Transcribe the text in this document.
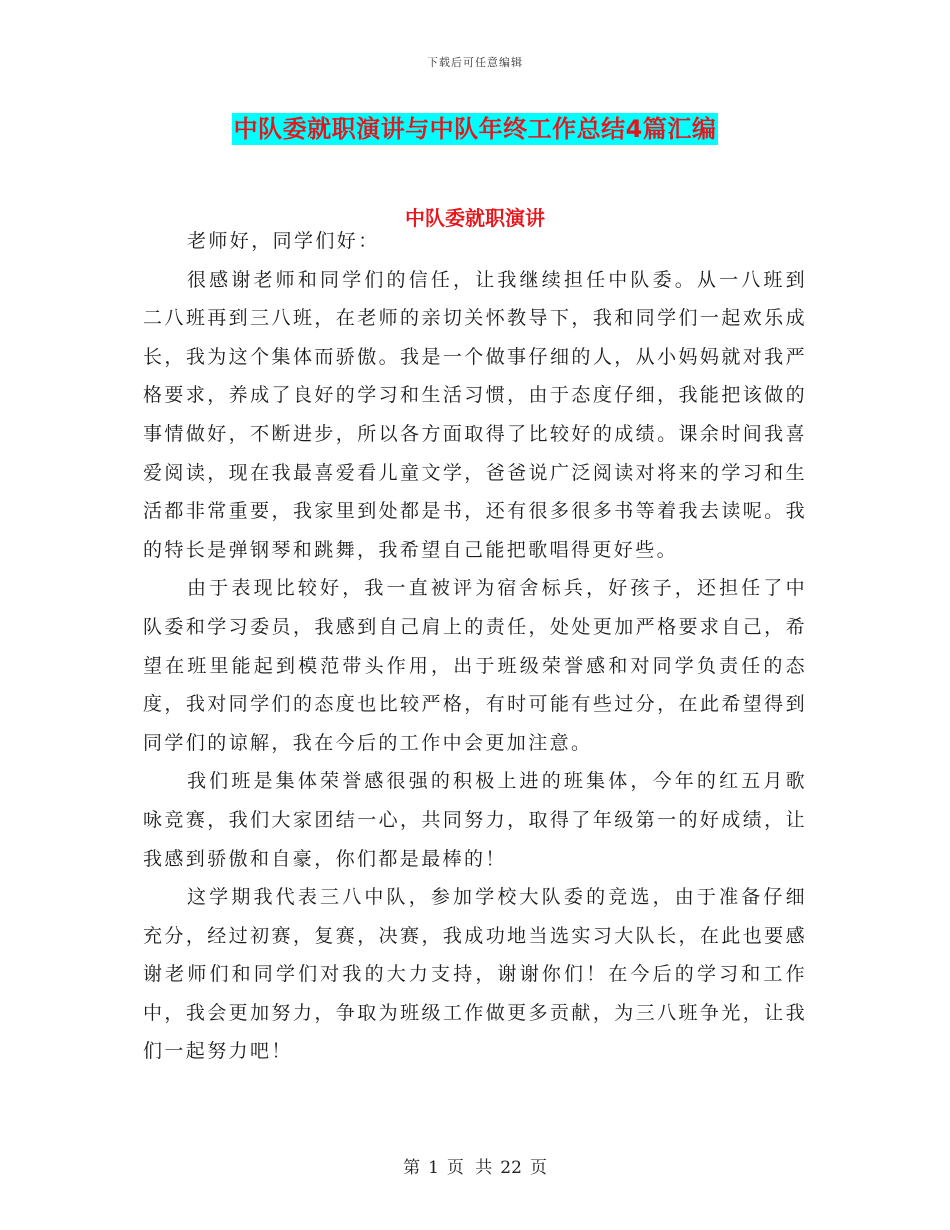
下载后可任意编辑
中队委就职演讲与中队年终工作总结4篇汇编
中队委就职演讲

老师好，同学们好：

很感谢老师和同学们的信任，让我继续担任中队委。从一八班到二八班再到三八班，在老师的亲切关怀教导下，我和同学们一起欢乐成长，我为这个集体而骄傲。我是一个做事仔细的人，从小妈妈就对我严格要求，养成了良好的学习和生活习惯，由于态度仔细，我能把该做的事情做好，不断进步，所以各方面取得了比较好的成绩。课余时间我喜爱阅读，现在我最喜爱看儿童文学，爸爸说广泛阅读对将来的学习和生活都非常重要，我家里到处都是书，还有很多很多书等着我去读呢。我的特长是弹钢琴和跳舞，我希望自己能把歌唱得更好些。

由于表现比较好，我一直被评为宿舍标兵，好孩子，还担任了中队委和学习委员，我感到自己肩上的责任，处处更加严格要求自己，希望在班里能起到模范带头作用，出于班级荣誉感和对同学负责任的态度，我对同学们的态度也比较严格，有时可能有些过分，在此希望得到同学们的谅解，我在今后的工作中会更加注意。

我们班是集体荣誉感很强的积极上进的班集体，今年的红五月歌咏竞赛，我们大家团结一心，共同努力，取得了年级第一的好成绩，让我感到骄傲和自豪，你们都是最棒的！

这学期我代表三八中队，参加学校大队委的竞选，由于准备仔细充分，经过初赛，复赛，决赛，我成功地当选实习大队长，在此也要感谢老师们和同学们对我的大力支持，谢谢你们！在今后的学习和工作中，我会更加努力，争取为班级工作做更多贡献，为三八班争光，让我们一起努力吧！

第 1 页 共 22 页
